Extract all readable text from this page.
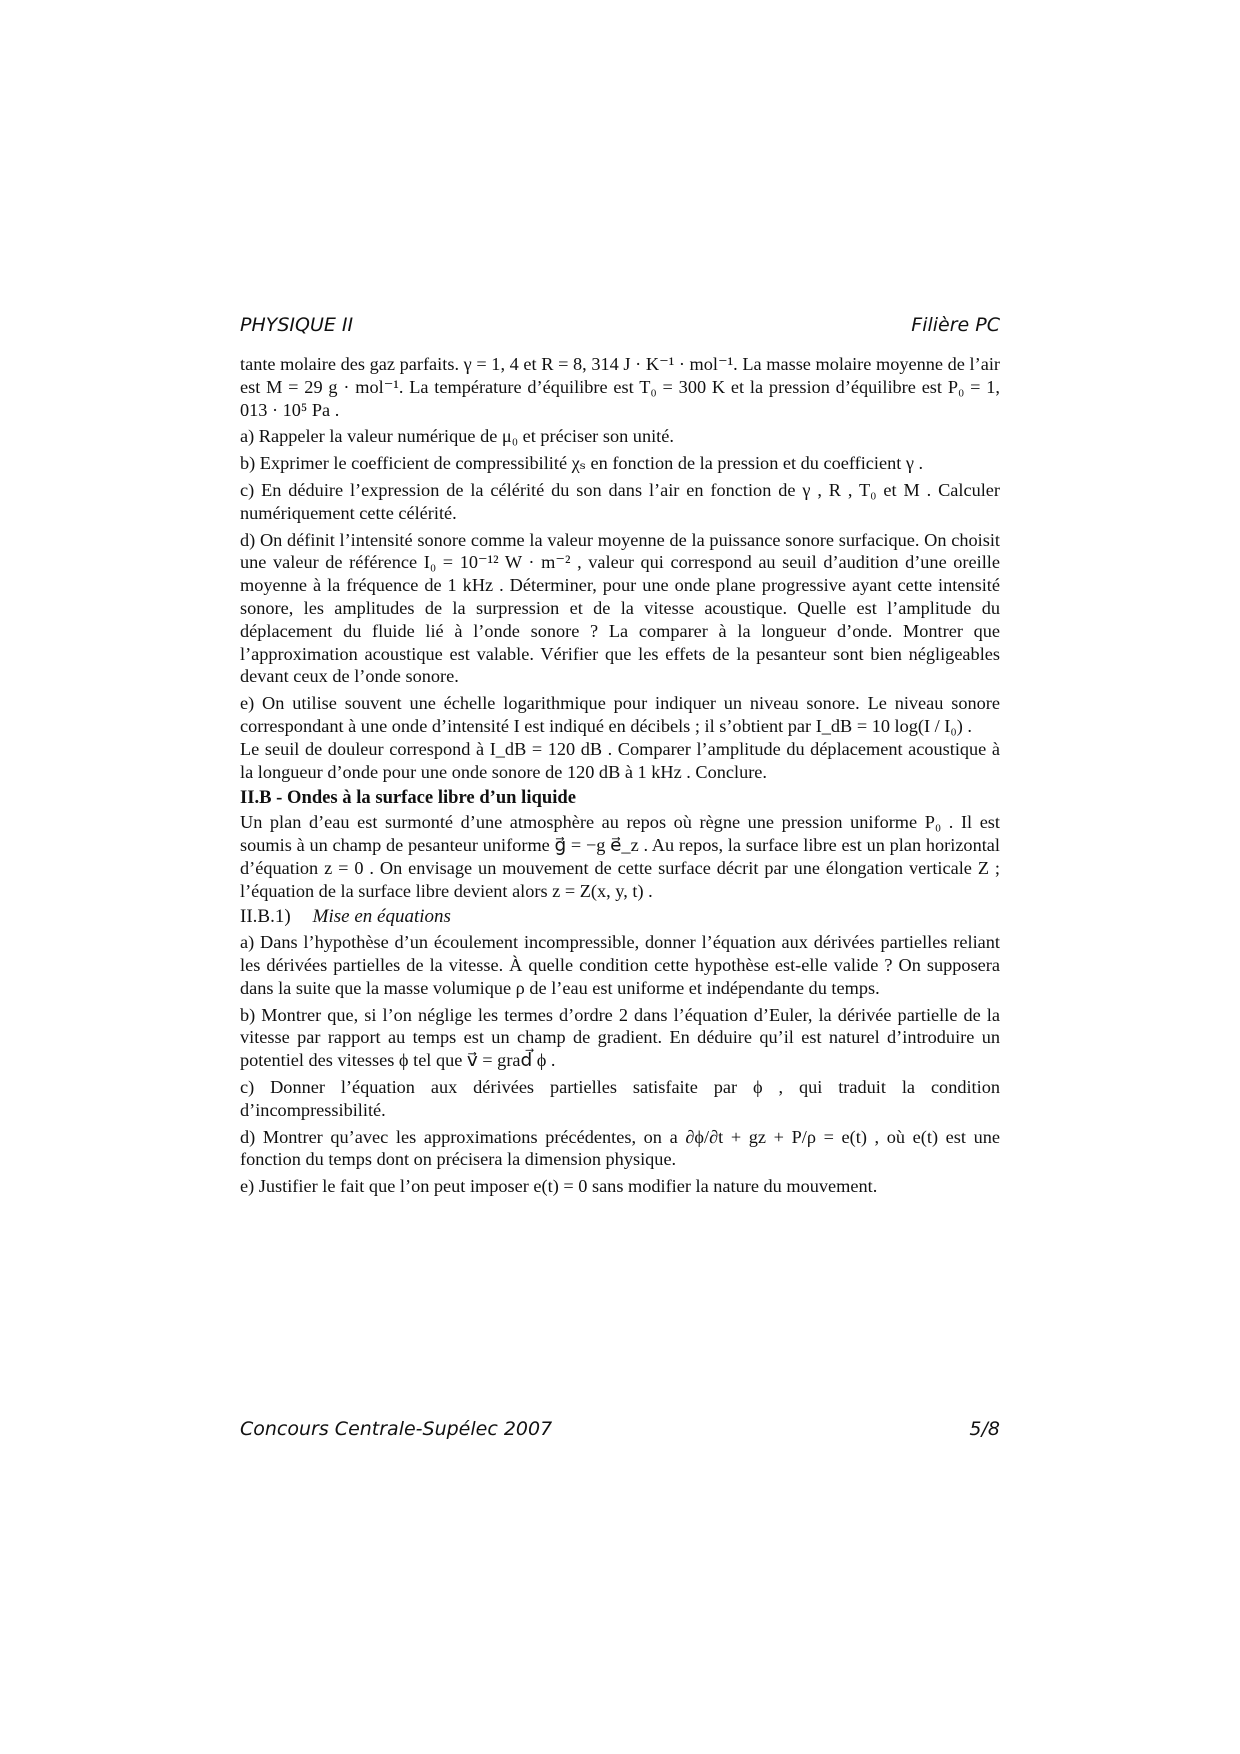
PHYSIQUE II	Filière PC

tante molaire des gaz parfaits. γ = 1, 4 et R = 8, 314 J · K⁻¹ · mol⁻¹. La masse molaire moyenne de l’air est M = 29 g · mol⁻¹. La température d’équilibre est T₀ = 300 K et la pression d’équilibre est P₀ = 1, 013 · 10⁵ Pa .

a) Rappeler la valeur numérique de μ₀ et préciser son unité.

b) Exprimer le coefficient de compressibilité χₛ en fonction de la pression et du coefficient γ .

c) En déduire l’expression de la célérité du son dans l’air en fonction de γ , R , T₀ et M . Calculer numériquement cette célérité.

d) On définit l’intensité sonore comme la valeur moyenne de la puissance sonore surfacique. On choisit une valeur de référence I₀ = 10⁻¹² W · m⁻² , valeur qui correspond au seuil d’audition d’une oreille moyenne à la fréquence de 1 kHz . Déterminer, pour une onde plane progressive ayant cette intensité sonore, les amplitudes de la surpression et de la vitesse acoustique. Quelle est l’amplitude du déplacement du fluide lié à l’onde sonore ? La comparer à la longueur d’onde. Montrer que l’approximation acoustique est valable. Vérifier que les effets de la pesanteur sont bien négligeables devant ceux de l’onde sonore.

e) On utilise souvent une échelle logarithmique pour indiquer un niveau sonore. Le niveau sonore correspondant à une onde d’intensité I est indiqué en décibels ; il s’obtient par I_dB = 10 log(I / I₀) .

Le seuil de douleur correspond à I_dB = 120 dB . Comparer l’amplitude du déplacement acoustique à la longueur d’onde pour une onde sonore de 120 dB à 1 kHz . Conclure.

II.B - Ondes à la surface libre d’un liquide

Un plan d’eau est surmonté d’une atmosphère au repos où règne une pression uniforme P₀ . Il est soumis à un champ de pesanteur uniforme g⃗ = −g e⃗_z . Au repos, la surface libre est un plan horizontal d’équation z = 0 . On envisage un mouvement de cette surface décrit par une élongation verticale Z ; l’équation de la surface libre devient alors z = Z(x, y, t) .

II.B.1) Mise en équations

a) Dans l’hypothèse d’un écoulement incompressible, donner l’équation aux dérivées partielles reliant les dérivées partielles de la vitesse. À quelle condition cette hypothèse est-elle valide ? On supposera dans la suite que la masse volumique ρ de l’eau est uniforme et indépendante du temps.

b) Montrer que, si l’on néglige les termes d’ordre 2 dans l’équation d’Euler, la dérivée partielle de la vitesse par rapport au temps est un champ de gradient. En déduire qu’il est naturel d’introduire un potentiel des vitesses ϕ tel que v⃗ = grad⃗ ϕ .

c) Donner l’équation aux dérivées partielles satisfaite par ϕ , qui traduit la condition d’incompressibilité.

d) Montrer qu’avec les approximations précédentes, on a ∂ϕ/∂t + gz + P/ρ = e(t) , où e(t) est une fonction du temps dont on précisera la dimension physique.

e) Justifier le fait que l’on peut imposer e(t) = 0 sans modifier la nature du mouvement.

Concours Centrale-Supélec 2007	5/8
